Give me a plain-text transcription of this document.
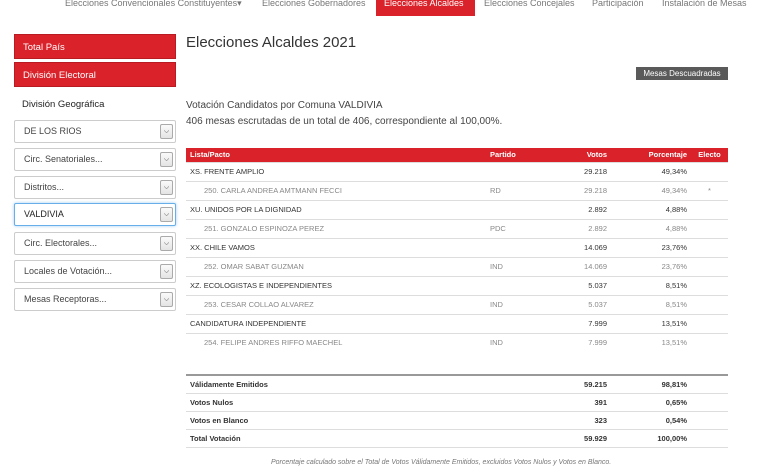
Elecciones Convencionales Constituyentes▾	Elecciones Gobernadores	Elecciones Alcaldes	Elecciones Concejales	Participación	Instalación de Mesas
Total País
División Electoral
División Geográfica
DE LOS RIOS	⌵
Circ. Senatoriales...	⌵
Distritos...	⌵
VALDIVIA	⌵
Circ. Electorales...	⌵
Locales de Votación...	⌵
Mesas Receptoras...	⌵
Elecciones Alcaldes 2021
Mesas Descuadradas
Votación Candidatos por Comuna VALDIVIA
406 mesas escrutadas de un total de 406, correspondiente al 100,00%.
Lista/Pacto	Partido	Votos	Porcentaje	Electo
XS. FRENTE AMPLIO		29.218	49,34%	
250. CARLA ANDREA AMTMANN FECCI	RD	29.218	49,34%	*
XU. UNIDOS POR LA DIGNIDAD		2.892	4,88%	
251. GONZALO ESPINOZA PEREZ	PDC	2.892	4,88%	
XX. CHILE VAMOS		14.069	23,76%	
252. OMAR SABAT GUZMAN	IND	14.069	23,76%	
XZ. ECOLOGISTAS E INDEPENDIENTES		5.037	8,51%	
253. CESAR COLLAO ALVAREZ	IND	5.037	8,51%	
CANDIDATURA INDEPENDIENTE		7.999	13,51%	
254. FELIPE ANDRES RIFFO MAECHEL	IND	7.999	13,51%	
Válidamente Emitidos		59.215	98,81%	
Votos Nulos		391	0,65%	
Votos en Blanco		323	0,54%	
Total Votación		59.929	100,00%	
Porcentaje calculado sobre el Total de Votos Válidamente Emitidos, excluidos Votos Nulos y Votos en Blanco.
